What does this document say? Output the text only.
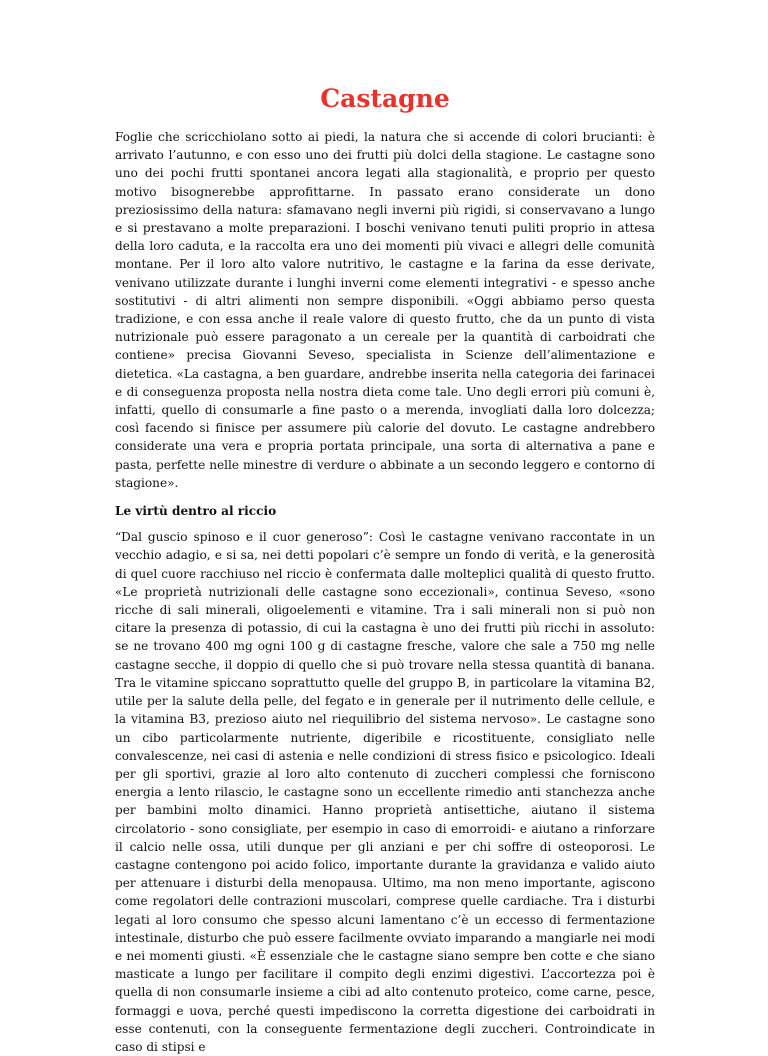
Castagne

Foglie che scricchiolano sotto ai piedi, la natura che si accende di colori brucianti: è arrivato l’autunno, e con esso uno dei frutti più dolci della stagione. Le castagne sono uno dei pochi frutti spontanei ancora legati alla stagionalità, e proprio per questo motivo bisognerebbe approfittarne. In passato erano considerate un dono preziosissimo della natura: sfamavano negli inverni più rigidi, si conservavano a lungo e si prestavano a molte preparazioni. I boschi venivano tenuti puliti proprio in attesa della loro caduta, e la raccolta era uno dei momenti più vivaci e allegri delle comunità montane. Per il loro alto valore nutritivo, le castagne e la farina da esse derivate, venivano utilizzate durante i lunghi inverni come elementi integrativi - e spesso anche sostitutivi - di altri alimenti non sempre disponibili. «Oggi abbiamo perso questa tradizione, e con essa anche il reale valore di questo frutto, che da un punto di vista nutrizionale può essere paragonato a un cereale per la quantità di carboidrati che contiene» precisa Giovanni Seveso, specialista in Scienze dell’alimentazione e dietetica. «La castagna, a ben guardare, andrebbe inserita nella categoria dei farinacei e di conseguenza proposta nella nostra dieta come tale. Uno degli errori più comuni è, infatti, quello di consumarle a fine pasto o a merenda, invogliati dalla loro dolcezza; così facendo si finisce per assumere più calorie del dovuto. Le castagne andrebbero considerate una vera e propria portata principale, una sorta di alternativa a pane e pasta, perfette nelle minestre di verdure o abbinate a un secondo leggero e contorno di stagione».

Le virtù dentro al riccio

“Dal guscio spinoso e il cuor generoso”: Così le castagne venivano raccontate in un vecchio adagio, e si sa, nei detti popolari c’è sempre un fondo di verità, e la generosità di quel cuore racchiuso nel riccio è confermata dalle molteplici qualità di questo frutto. «Le proprietà nutrizionali delle castagne sono eccezionali», continua Seveso, «sono ricche di sali minerali, oligoelementi e vitamine. Tra i sali minerali non si può non citare la presenza di potassio, di cui la castagna è uno dei frutti più ricchi in assoluto: se ne trovano 400 mg ogni 100 g di castagne fresche, valore che sale a 750 mg nelle castagne secche, il doppio di quello che si può trovare nella stessa quantità di banana. Tra le vitamine spiccano soprattutto quelle del gruppo B, in particolare la vitamina B2, utile per la salute della pelle, del fegato e in generale per il nutrimento delle cellule, e la vitamina B3, prezioso aiuto nel riequilibrio del sistema nervoso». Le castagne sono un cibo particolarmente nutriente, digeribile e ricostituente, consigliato nelle convalescenze, nei casi di astenia e nelle condizioni di stress fisico e psicologico. Ideali per gli sportivi, grazie al loro alto contenuto di zuccheri complessi che forniscono energia a lento rilascio, le castagne sono un eccellente rimedio anti stanchezza anche per bambini molto dinamici. Hanno proprietà antisettiche, aiutano il sistema circolatorio - sono consigliate, per esempio in caso di emorroidi- e aiutano a rinforzare il calcio nelle ossa, utili dunque per gli anziani e per chi soffre di osteoporosi. Le castagne contengono poi acido folico, importante durante la gravidanza e valido aiuto per attenuare i disturbi della menopausa. Ultimo, ma non meno importante, agiscono come regolatori delle contrazioni muscolari, comprese quelle cardiache. Tra i disturbi legati al loro consumo che spesso alcuni lamentano c’è un eccesso di fermentazione intestinale, disturbo che può essere facilmente ovviato imparando a mangiarle nei modi e nei momenti giusti. «È essenziale che le castagne siano sempre ben cotte e che siano masticate a lungo per facilitare il compito degli enzimi digestivi. L’accortezza poi è quella di non consumarle insieme a cibi ad alto contenuto proteico, come carne, pesce, formaggi e uova, perché questi impediscono la corretta digestione dei carboidrati in esse contenuti, con la conseguente fermentazione degli zuccheri. Controindicate in caso di stipsi e
